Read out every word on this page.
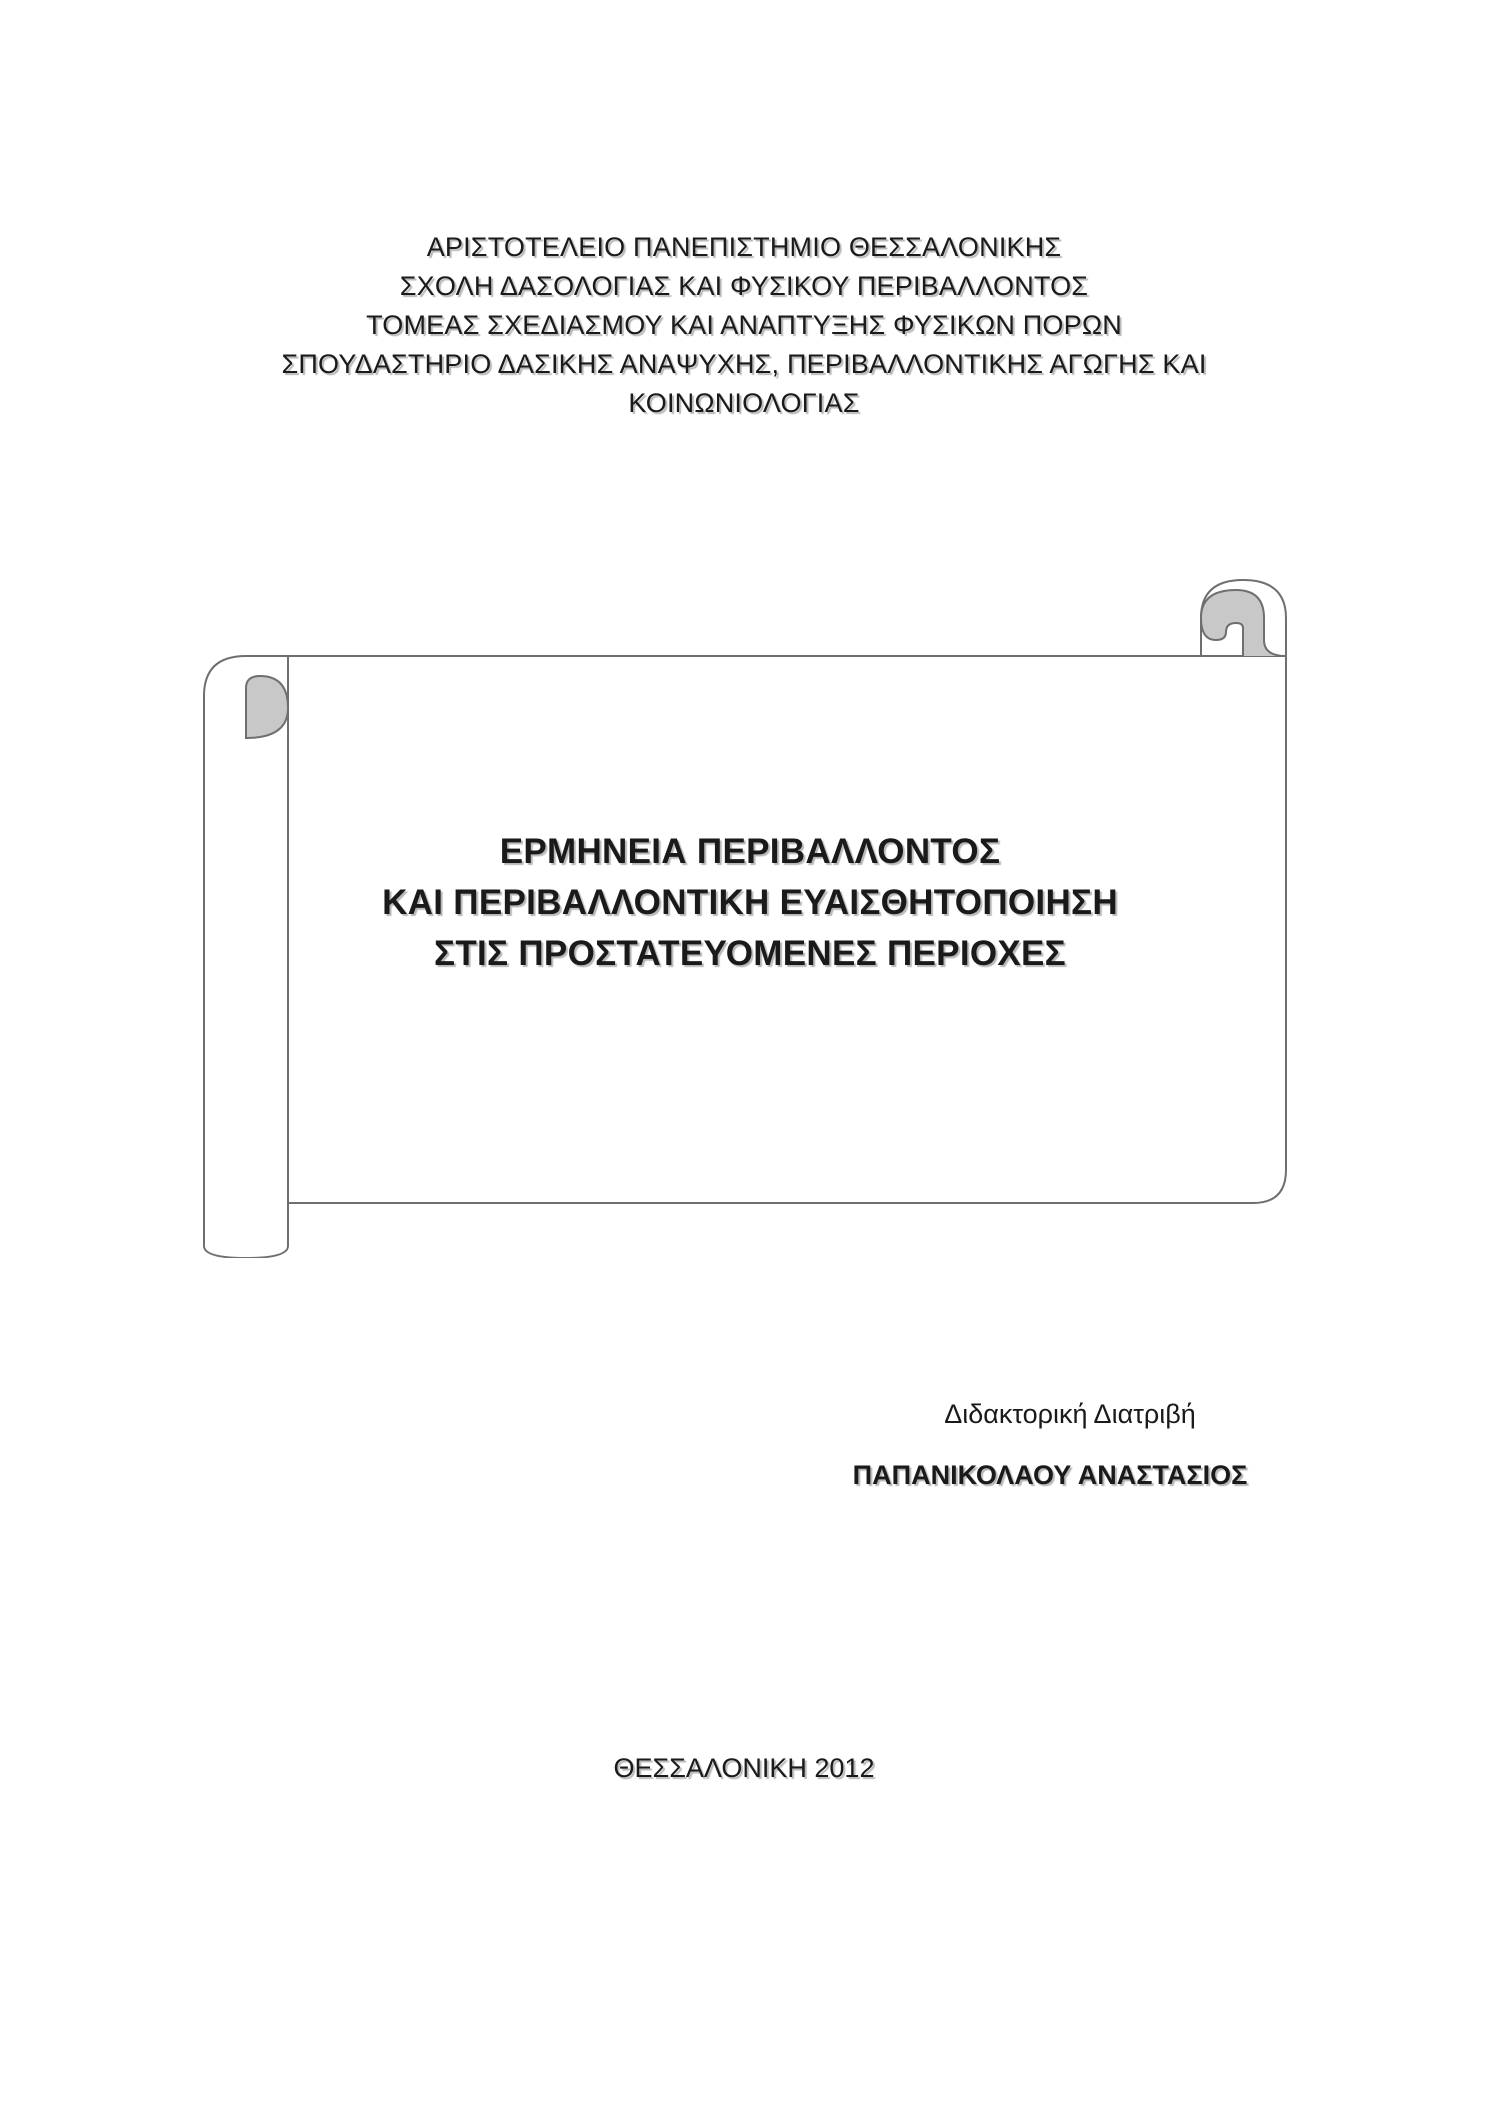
ΑΡΙΣΤΟΤΕΛΕΙΟ ΠΑΝΕΠΙΣΤΗΜΙΟ ΘΕΣΣΑΛΟΝΙΚΗΣ
ΣΧΟΛΗ ΔΑΣΟΛΟΓΙΑΣ ΚΑΙ ΦΥΣΙΚΟΥ ΠΕΡΙΒΑΛΛΟΝΤΟΣ
ΤΟΜΕΑΣ ΣΧΕΔΙΑΣΜΟΥ ΚΑΙ ΑΝΑΠΤΥΞΗΣ ΦΥΣΙΚΩΝ ΠΟΡΩΝ
ΣΠΟΥΔΑΣΤΗΡΙΟ ΔΑΣΙΚΗΣ ΑΝΑΨΥΧΗΣ, ΠΕΡΙΒΑΛΛΟΝΤΙΚΗΣ ΑΓΩΓΗΣ ΚΑΙ
ΚΟΙΝΩΝΙΟΛΟΓΙΑΣ
ΕΡΜΗΝΕΙΑ ΠΕΡΙΒΑΛΛΟΝΤΟΣ
ΚΑΙ ΠΕΡΙΒΑΛΛΟΝΤΙΚΗ ΕΥΑΙΣΘΗΤΟΠΟΙΗΣΗ
ΣΤΙΣ ΠΡΟΣΤΑΤΕΥΟΜΕΝΕΣ ΠΕΡΙΟΧΕΣ
Διδακτορική Διατριβή
ΠΑΠΑΝΙΚΟΛΑΟΥ ΑΝΑΣΤΑΣΙΟΣ
ΘΕΣΣΑΛΟΝΙΚΗ 2012
